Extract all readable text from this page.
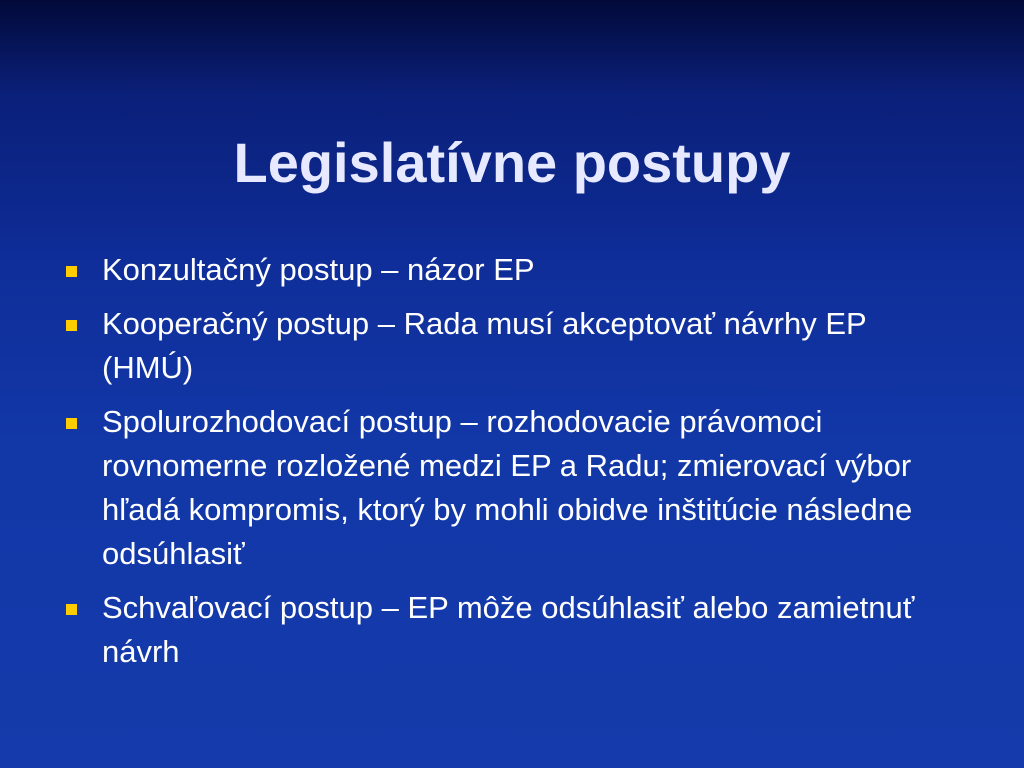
Legislatívne postupy
Konzultačný postup – názor EP
Kooperačný postup – Rada musí akceptovať návrhy EP (HMÚ)
Spolurozhodovací postup – rozhodovacie právomoci rovnomerne rozložené medzi EP a Radu; zmierovací výbor hľadá kompromis, ktorý by mohli obidve inštitúcie následne odsúhlasiť
Schvaľovací postup – EP môže odsúhlasiť alebo zamietnuť návrh
